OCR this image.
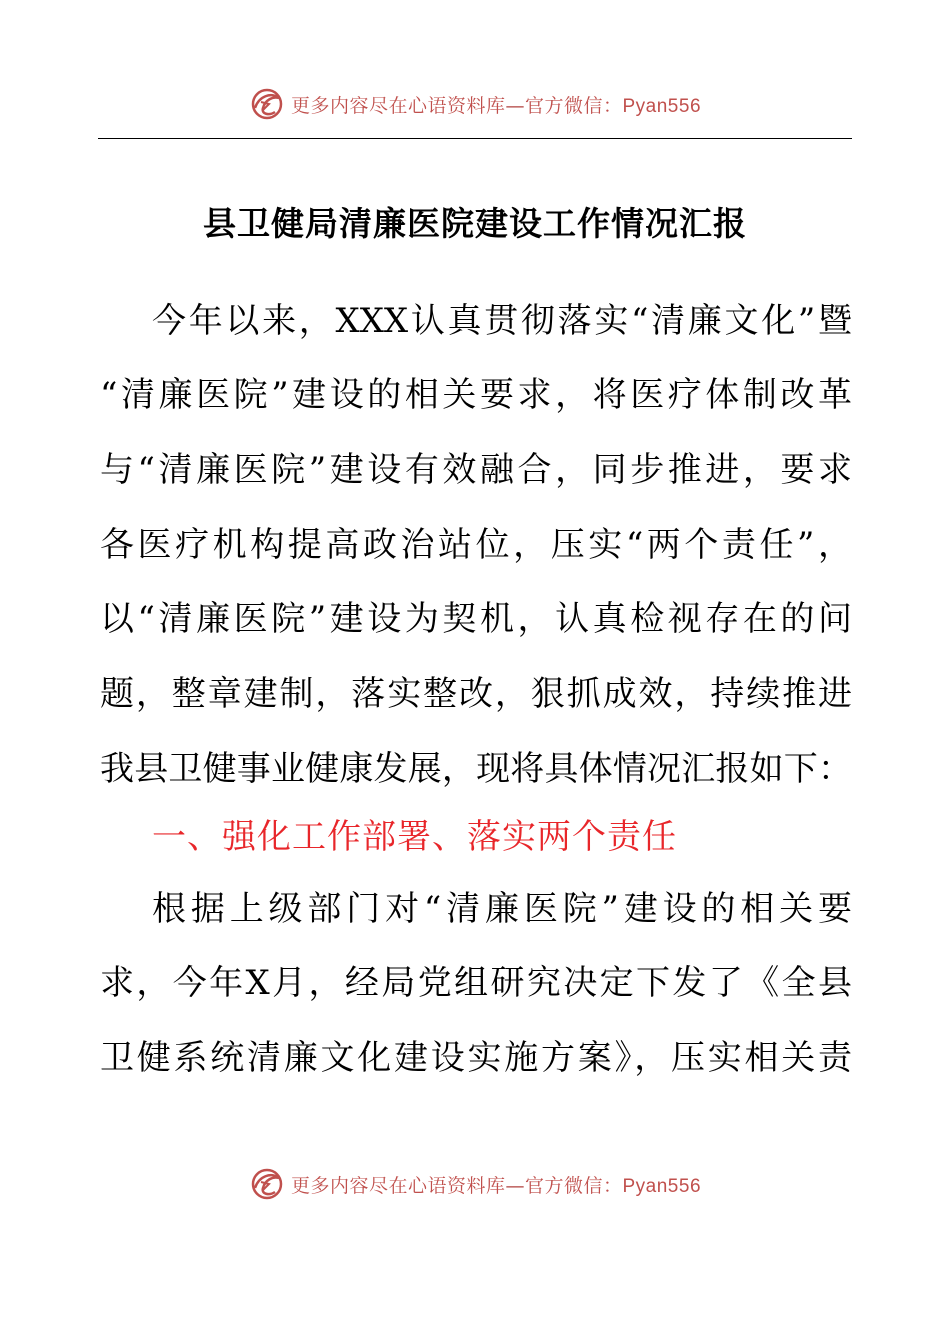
更多内容尽在心语资料库—官方微信：Pyan556
县卫健局清廉医院建设工作情况汇报
今年以来，XXX认真贯彻落实“清廉文化”暨
“清廉医院”建设的相关要求，将医疗体制改革
与“清廉医院”建设有效融合，同步推进，要求
各医疗机构提高政治站位，压实“两个责任”，
以“清廉医院”建设为契机，认真检视存在的问
题，整章建制，落实整改，狠抓成效，持续推进
我县卫健事业健康发展，现将具体情况汇报如下：
一、强化工作部署、落实两个责任
根据上级部门对“清廉医院”建设的相关要
求，今年X月，经局党组研究决定下发了《全县
卫健系统清廉文化建设实施方案》，压实相关责
更多内容尽在心语资料库—官方微信：Pyan556
